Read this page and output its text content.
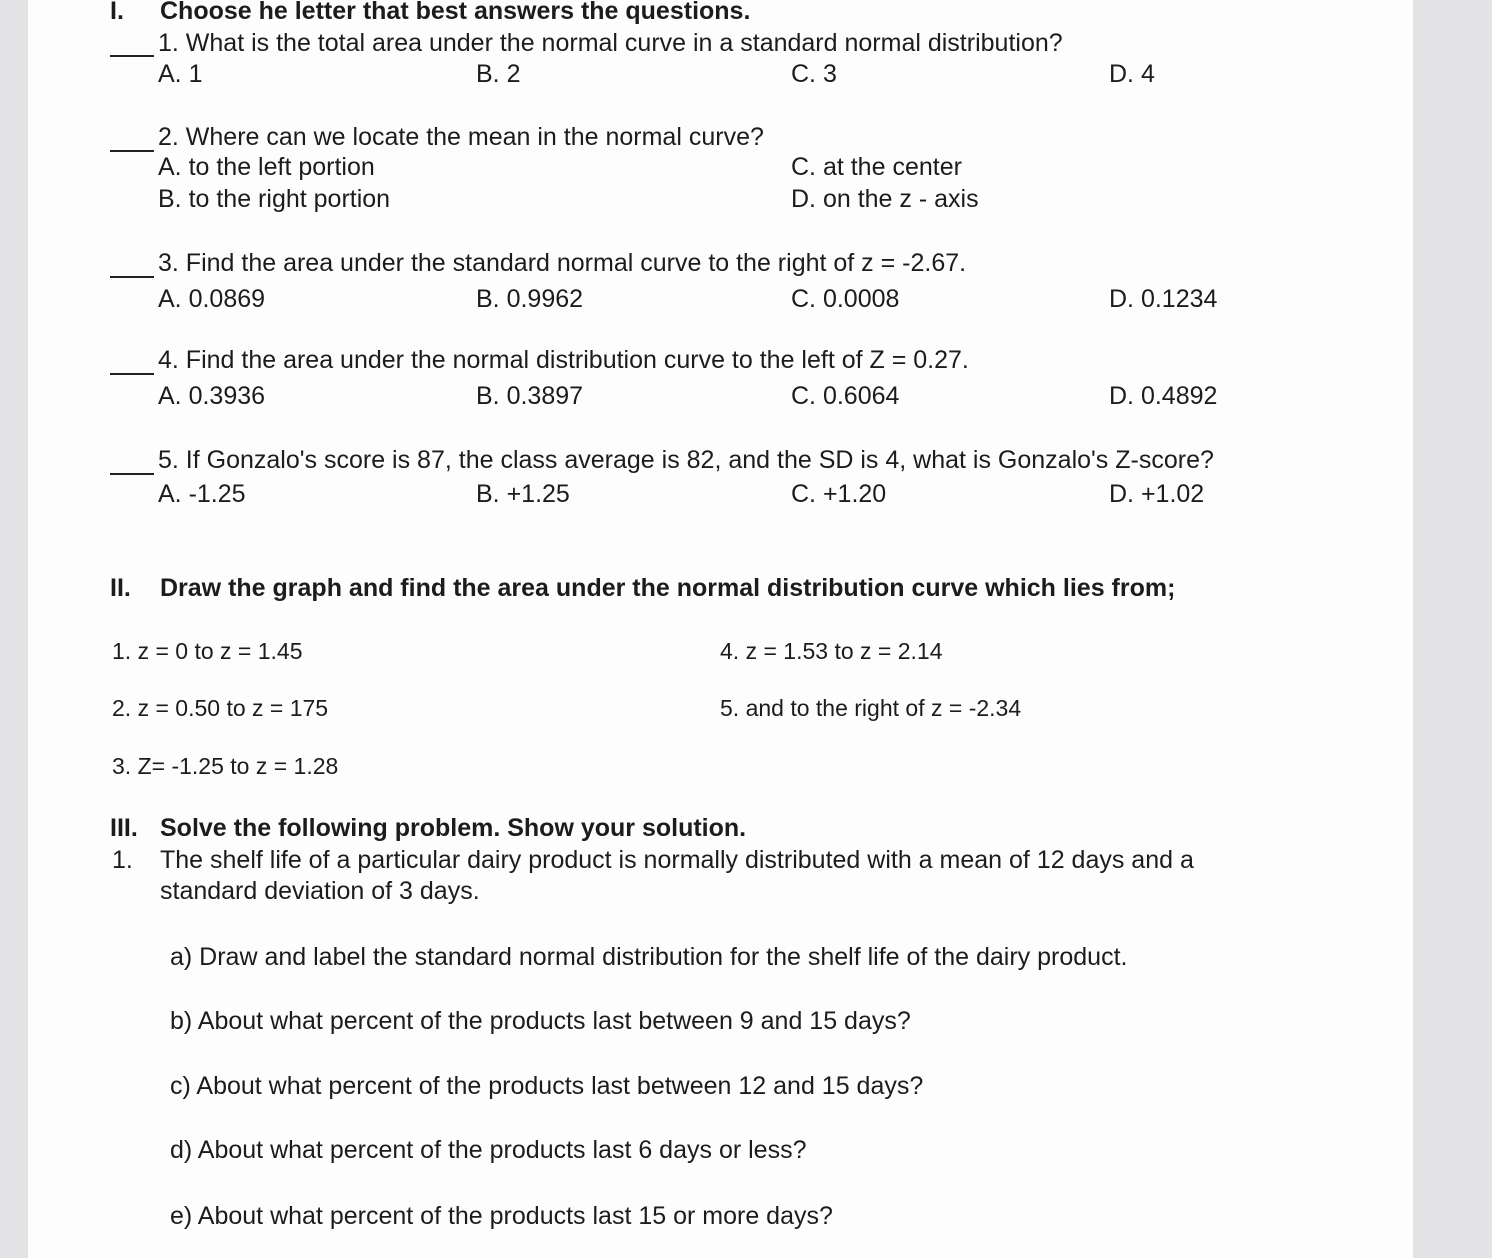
I. Choose he letter that best answers the questions.
1. What is the total area under the normal curve in a standard normal distribution?
A. 1	B. 2	C. 3	D. 4
2. Where can we locate the mean in the normal curve?
A. to the left portion
B. to the right portion
C. at the center
D. on the z - axis
3. Find the area under the standard normal curve to the right of z = -2.67.
A. 0.0869	B. 0.9962	C. 0.0008	D. 0.1234
4. Find the area under the normal distribution curve to the left of Z = 0.27.
A. 0.3936	B. 0.3897	C. 0.6064	D. 0.4892
5. If Gonzalo's score is 87, the class average is 82, and the SD is 4, what is Gonzalo's Z-score?
A. -1.25	B. +1.25	C. +1.20	D. +1.02
II. Draw the graph and find the area under the normal distribution curve which lies from;
1. z = 0 to z = 1.45
2. z = 0.50 to z = 175
3. Z= -1.25 to z = 1.28
4. z = 1.53 to z = 2.14
5. and to the right of z = -2.34
III. Solve the following problem. Show your solution.
1. The shelf life of a particular dairy product is normally distributed with a mean of 12 days and a
standard deviation of 3 days.
a) Draw and label the standard normal distribution for the shelf life of the dairy product.
b) About what percent of the products last between 9 and 15 days?
c) About what percent of the products last between 12 and 15 days?
d) About what percent of the products last 6 days or less?
e) About what percent of the products last 15 or more days?
